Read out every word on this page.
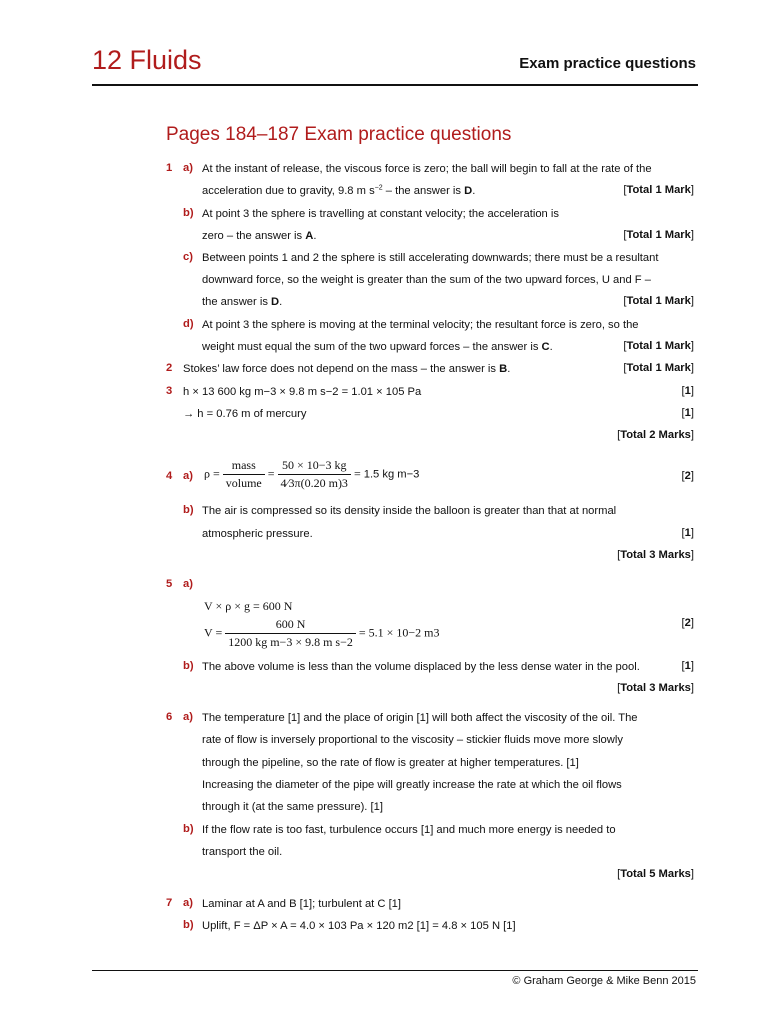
12 Fluids	Exam practice questions
Pages 184–187 Exam practice questions
1 a) At the instant of release, the viscous force is zero; the ball will begin to fall at the rate of the
acceleration due to gravity, 9.8 m $s^{-2}$ – the answer is D.	[Total 1 Mark]
b) At point 3 the sphere is travelling at constant velocity; the acceleration is
zero – the answer is A.	[Total 1 Mark]
c) Between points 1 and 2 the sphere is still accelerating downwards; there must be a resultant
downward force, so the weight is greater than the sum of the two upward forces, U and F –
the answer is D.	[Total 1 Mark]
d) At point 3 the sphere is moving at the terminal velocity; the resultant force is zero, so the
weight must equal the sum of the two upward forces – the answer is C.	[Total 1 Mark]
2 Stokes’ law force does not depend on the mass – the answer is B.	[Total 1 Mark]
3 h × 13 600 kg m−3 × 9.8 m s−2 = 1.01 × 105 Pa	[1]
→ h = 0.76 m of mercury	[1]
[Total 2 Marks]
4 a) $\rho = \frac{\text{mass}}{\text{volume}} = \frac{50 \times 10-3 kg}{4⁄3\pi(0.20 m)3} = 1.5$ kg m−3	[2]
b) The air is compressed so its density inside the balloon is greater than that at normal
atmospheric pressure.	[1]
[Total 3 Marks]
5 a)
V × ρ × g = 600 N
$V = \frac{600 N}{\text{1200 kg m−3 × 9.8 m s−2}} = 5.1 \times 10-2$ m3
[2]
b) The above volume is less than the volume displaced by the less dense water in the pool.	[1]
[Total 3 Marks]
6 a) The temperature [1] and the place of origin [1] will both affect the viscosity of the oil. The
rate of flow is inversely proportional to the viscosity – stickier fluids move more slowly
through the pipeline, so the rate of flow is greater at higher temperatures. [1]
Increasing the diameter of the pipe will greatly increase the rate at which the oil flows
through it (at the same pressure). [1]
b) If the flow rate is too fast, turbulence occurs [1] and much more energy is needed to
transport the oil.
[Total 5 Marks]
7 a) Laminar at A and B [1]; turbulent at C [1]
b) Uplift, F = ΔP × A = 4.0 × 103 Pa × 120 m2 [1] = 4.8 × 105 N [1]
© Graham George & Mike Benn 2015
